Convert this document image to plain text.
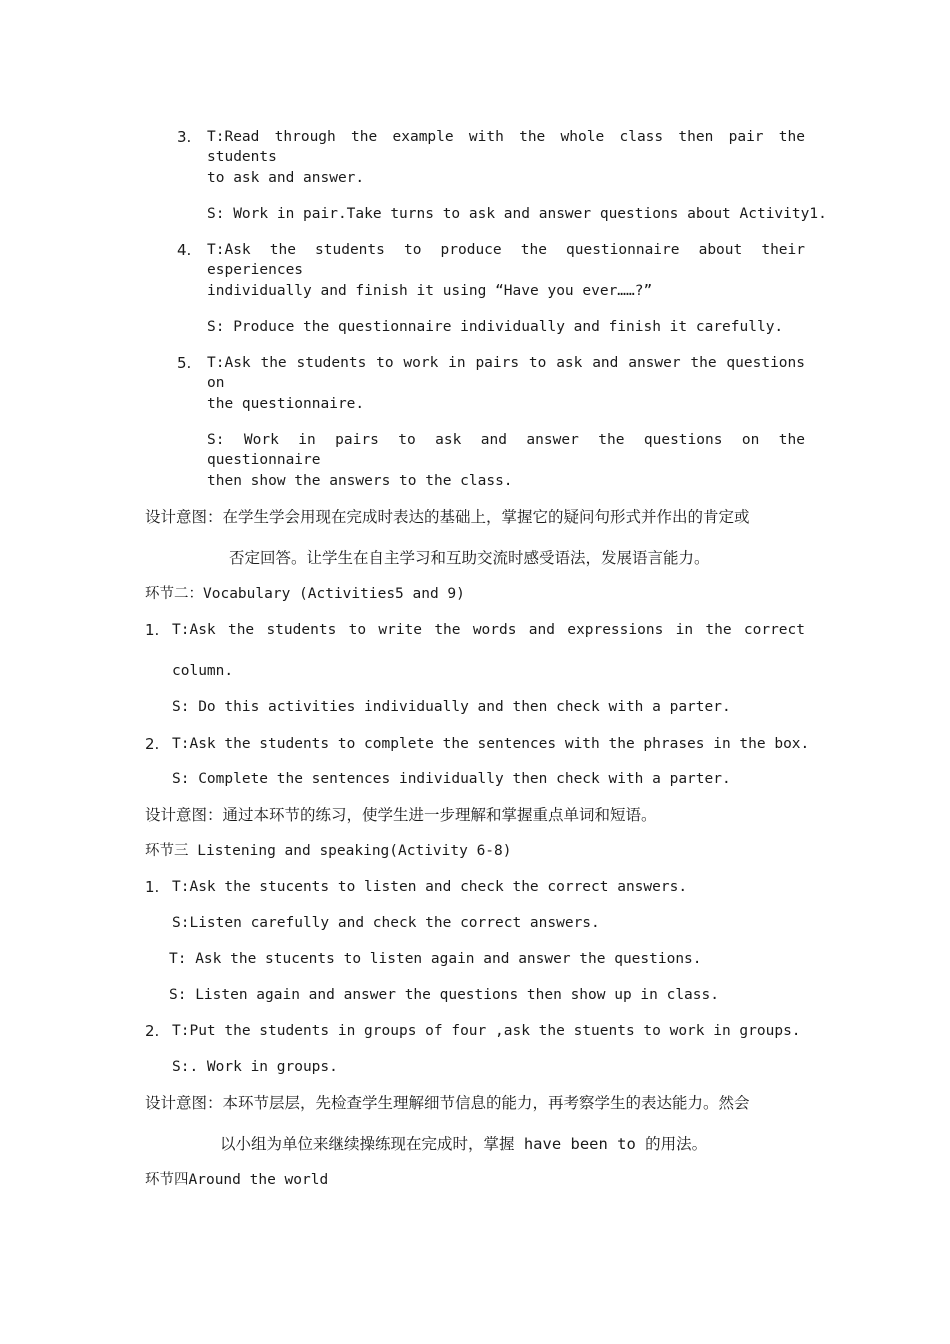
3.
4.
5.
1.
2.
1.
2.
T:Read through the example with the whole class then pair the students
to ask and answer.
S: Work in pair.Take turns to ask and answer questions about Activity1.
T:Ask the students to produce the questionnaire about their esperiences
individually and finish it using “Have you ever……?”
S: Produce the questionnaire individually and finish it carefully.
T:Ask the students to work in pairs to ask and answer the questions on
the questionnaire.
S: Work in pairs to ask and answer the questions on the questionnaire
then show the answers to the class.
设计意图：在学生学会用现在完成时表达的基础上，掌握它的疑问句形式并作出的肯定或
否定回答。让学生在自主学习和互助交流时感受语法，发展语言能力。
环节二：Vocabulary (Activities5 and 9)
T:Ask the students to write the words and expressions in the correct
column.
S: Do this activities individually and then check with a parter.
T:Ask the students to complete the sentences with the phrases in the box.
S: Complete the sentences individually then check with a parter.
设计意图：通过本环节的练习，使学生进一步理解和掌握重点单词和短语。
环节三 Listening and speaking(Activity 6-8)
T:Ask the stucents to listen and check the correct answers.
S:Listen carefully and check the correct answers.
T: Ask the stucents to listen again and answer the questions.
S: Listen again and answer the questions then show up in class.
T:Put the students in groups of four ,ask the stuents to work in groups.
S:. Work in groups.
设计意图：本环节层层，先检查学生理解细节信息的能力，再考察学生的表达能力。然会
以小组为单位来继续操练现在完成时，掌握 have been to 的用法。
环节四Around the world
